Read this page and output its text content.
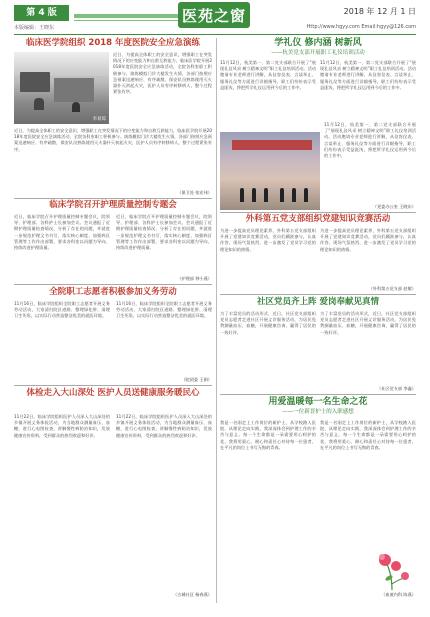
第 4 版
本版编辑：王晓东
医苑之窗	2018 年 12 月 1 日
Http://www.hgyy.com Email:hgyy@126.com
临床医学院组织 2018 年度医院安全应急演练
李易琼
近日，为提高全体职工的安全意识，增强职工在突发情况下的应变能力和自救互救能力，临床医学院开展2018年度医院安全应急演练活动，全院各科室职工积极参与。演练模拟门诊大楼发生火情，各部门按照应急预案迅速响应、有序疏散，保安队员熟练使用灭火器扑灭初起火灾，医护人员有序转移病人，整个过程紧张有序。
近日，为提高全体职工的安全意识，增强职工在突发情况下的应变能力和自救互救能力，临床医学院开展2018年度医院安全应急演练活动，全院各科室职工积极参与。演练模拟门诊大楼发生火情，各部门按照应急预案迅速响应、有序疏散，保安队员熟练使用灭火器扑灭初起火灾，医护人员有序转移病人，整个过程紧张有序。
（保卫处 张宏伟）
临床学院召开护理质量控制专题会
近日，临床学院召开护理质量控制专题会议，院领导、护理部、各科护士长参加会议。会议通报了近期护理质量检查情况，分析了存在的问题，并就进一步规范护理文书书写、落实核心制度、加强病区管理等工作作出部署，要求各科室以问题为导向，持续改进护理质量。
近日，临床学院召开护理质量控制专题会议，院领导、护理部、各科护士长参加会议。会议通报了近期护理质量检查情况，分析了存在的问题，并就进一步规范护理文书书写、落实核心制度、加强病区管理等工作作出部署，要求各科室以问题为导向，持续改进护理质量。
（护理部 钟小燕）
全院职工志愿者积极参加义务劳动
11月16日，临床学院组织全院职工志愿者开展义务劳动活动，大家清扫院区道路、整理绿化带、清理卫生死角，以实际行动营造整洁优美的就医环境。
11月16日，临床学院组织全院职工志愿者开展义务劳动活动，大家清扫院区道路、整理绿化带、清理卫生死角，以实际行动营造整洁优美的就医环境。
（院团委 王娟）
体检走入大山深处 医护人员送健康服务暖民心
11月22日，临床学院组织医护人员深入大山深处的乡镇开展义务体检活动，为当地群众测量血压、血糖，进行心电图检查，讲解慢性病防治知识，发放健康宣传资料，受到群众的热烈欢迎和好评。
11月22日，临床学院组织医护人员深入大山深处的乡镇开展义务体检活动，为当地群众测量血压、血糖，进行心电图检查，讲解慢性病防治知识，发放健康宣传资料，受到群众的热烈欢迎和好评。
（古城社区 杨春燕）
学礼仪 修内涵 树新风
——杭美党支部开展职工礼仪培训活动
11月12日，杭美第一、第二党支部联合开展了“展现礼仪风采 树立精神文明”职工礼仪培训活动。活动邀请专业老师进行讲解，从仪容仪表、言谈举止、服务礼仪等方面进行详细指导，职工们纷纷表示受益匪浅，将把所学礼仪运用到今后的工作中。
11月12日，杭美第一、第二党支部联合开展了“展现礼仪风采 树立精神文明”职工礼仪培训活动。活动邀请专业老师进行讲解，从仪容仪表、言谈举止、服务礼仪等方面进行详细指导，职工们纷纷表示受益匪浅，将把所学礼仪运用到今后的工作中。
11月12日，杭美第一、第二党支部联合开展了“展现礼仪风采 树立精神文明”职工礼仪培训活动。活动邀请专业老师进行讲解，从仪容仪表、言谈举止、服务礼仪等方面进行详细指导，职工们纷纷表示受益匪浅，将把所学礼仪运用到今后的工作中。
（党委办公室 王晓东）
外科第五党支部组织党建知识竞赛活动
为进一步提高党员理论素养，外科第五党支部组织开展了党建知识竞赛活动，党员们踊跃参与，认真作答，现场气氛热烈，进一步激发了党员学习党的理论知识的热情。
为进一步提高党员理论素养，外科第五党支部组织开展了党建知识竞赛活动，党员们踊跃参与，认真作答，现场气氛热烈，进一步激发了党员学习党的理论知识的热情。
（外科第五党支部 赵敏）
社区党员齐上阵 爱岗奉献见真情
为了丰富党员的活动形式，近日，社区党支部组织党员志愿者走进社区开展义诊服务活动，为居民免费测量血压、血糖，开展健康咨询，赢得了居民的一致好评。
为了丰富党员的活动形式，近日，社区党支部组织党员志愿者走进社区开展义诊服务活动，为居民免费测量血压、血糖，开展健康咨询，赢得了居民的一致好评。
（社区党支部 李鑫）
用爱温暖每一名生命之花
——一位新晋护士的入职感想
我是一名刚走上工作岗位的新护士，从学校踏入医院，从理论走向实践，我深深体会到护理工作的辛苦与意义。每一个生命都是一朵需要用心呵护的花，我将用爱心、耐心和责任心对待每一位患者，在平凡的岗位上书写无悔的青春。
我是一名刚走上工作岗位的新护士，从学校踏入医院，从理论走向实践，我深深体会到护理工作的辛苦与意义。每一个生命都是一朵需要用心呵护的花，我将用爱心、耐心和责任心对待每一位患者，在平凡的岗位上书写无悔的青春。
（血液内科 陈燕）
